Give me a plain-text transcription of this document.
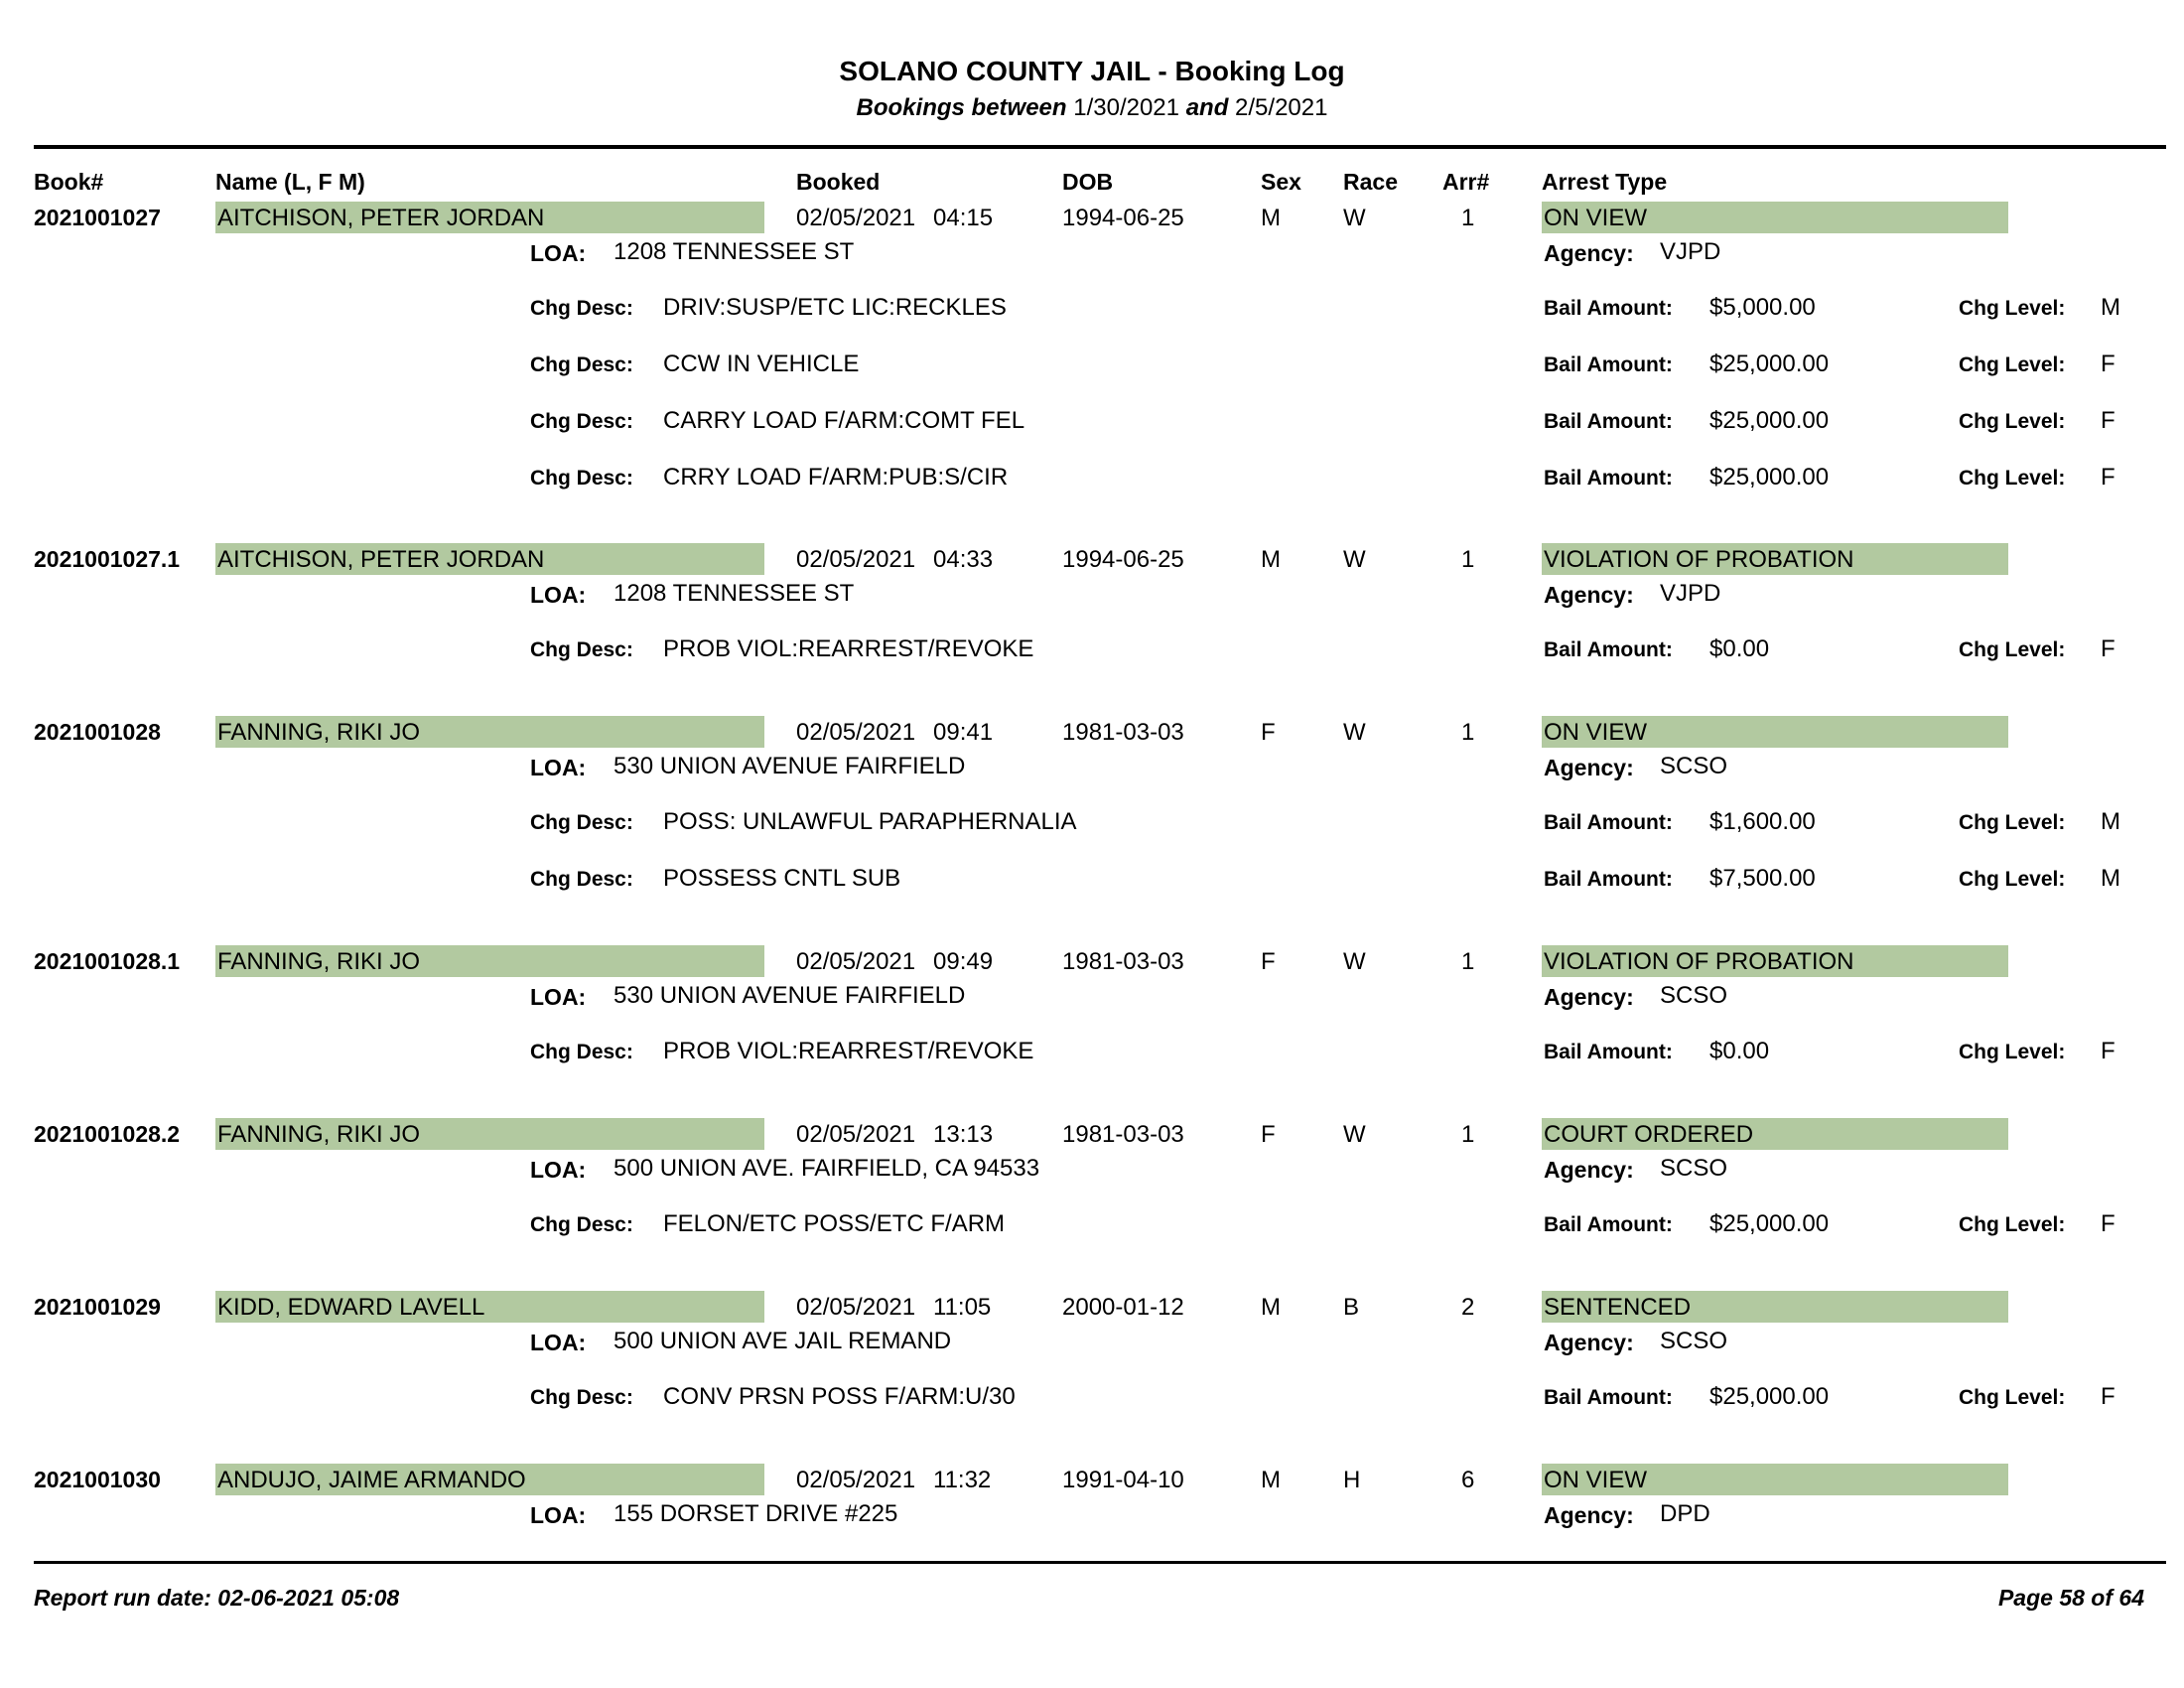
SOLANO COUNTY JAIL - Booking Log
Bookings between 1/30/2021 and 2/5/2021
Book#	Name (L, F M)	Booked	DOB	Sex Race Arr# Arrest Type
2021001027 AITCHISON, PETER JORDAN	02/05/2021 04:15	1994-06-25	M	W	1	ON VIEW
LOA: 1208 TENNESSEE ST	Agency: VJPD
Chg Desc: DRIV:SUSP/ETC LIC:RECKLES	Bail Amount: $5,000.00	Chg Level: M
Chg Desc: CCW IN VEHICLE	Bail Amount: $25,000.00	Chg Level: F
Chg Desc: CARRY LOAD F/ARM:COMT FEL	Bail Amount: $25,000.00	Chg Level: F
Chg Desc: CRRY LOAD F/ARM:PUB:S/CIR	Bail Amount: $25,000.00	Chg Level: F
2021001027.1 AITCHISON, PETER JORDAN	02/05/2021 04:33	1994-06-25	M	W	1	VIOLATION OF PROBATION
LOA: 1208 TENNESSEE ST	Agency: VJPD
Chg Desc: PROB VIOL:REARREST/REVOKE	Bail Amount: $0.00	Chg Level: F
2021001028 FANNING, RIKI JO	02/05/2021 09:41	1981-03-03	F	W	1	ON VIEW
LOA: 530 UNION AVENUE FAIRFIELD	Agency: SCSO
Chg Desc: POSS: UNLAWFUL PARAPHERNALIA	Bail Amount: $1,600.00	Chg Level: M
Chg Desc: POSSESS CNTL SUB	Bail Amount: $7,500.00	Chg Level: M
2021001028.1 FANNING, RIKI JO	02/05/2021 09:49	1981-03-03	F	W	1	VIOLATION OF PROBATION
LOA: 530 UNION AVENUE FAIRFIELD	Agency: SCSO
Chg Desc: PROB VIOL:REARREST/REVOKE	Bail Amount: $0.00	Chg Level: F
2021001028.2 FANNING, RIKI JO	02/05/2021 13:13	1981-03-03	F	W	1	COURT ORDERED
LOA: 500 UNION AVE. FAIRFIELD, CA 94533	Agency: SCSO
Chg Desc: FELON/ETC POSS/ETC F/ARM	Bail Amount: $25,000.00	Chg Level: F
2021001029 KIDD, EDWARD LAVELL	02/05/2021 11:05	2000-01-12	M	B	2	SENTENCED
LOA: 500 UNION AVE JAIL REMAND	Agency: SCSO
Chg Desc: CONV PRSN POSS F/ARM:U/30	Bail Amount: $25,000.00	Chg Level: F
2021001030 ANDUJO, JAIME ARMANDO	02/05/2021 11:32	1991-04-10	M	H	6	ON VIEW
LOA: 155 DORSET DRIVE #225	Agency: DPD
Report run date: 02-06-2021 05:08	Page 58 of 64
